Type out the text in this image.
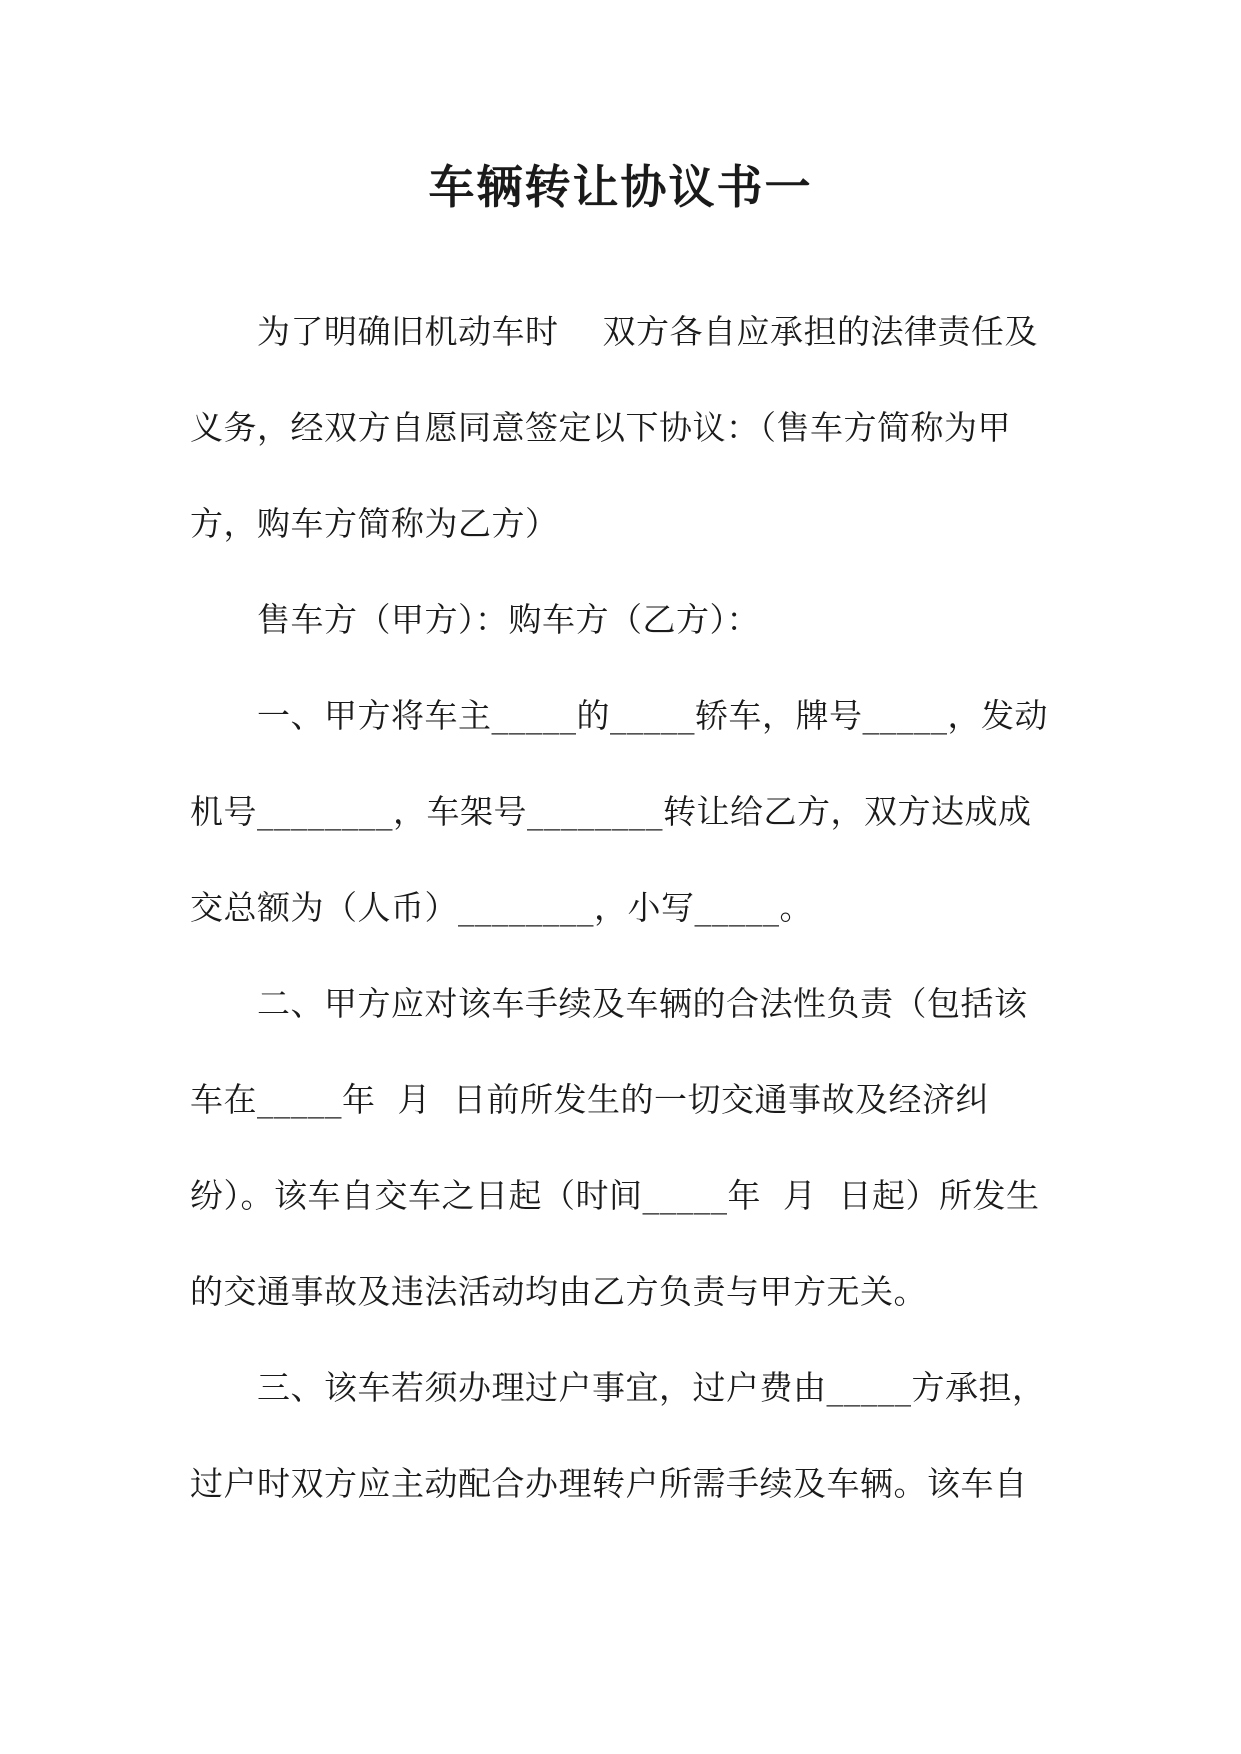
车辆转让协议书一
为了明确旧机动车时    双方各自应承担的法律责任及
义务，经双方自愿同意签定以下协议：（售车方简称为甲
方，购车方简称为乙方）
售车方（甲方）：购车方（乙方）：
一、甲方将车主_____的_____轿车，牌号_____，发动
机号________，车架号________转让给乙方，双方达成成
交总额为（人币）________，小写_____。
二、甲方应对该车手续及车辆的合法性负责（包括该
车在_____年  月  日前所发生的一切交通事故及经济纠
纷）。该车自交车之日起（时间_____年  月  日起）所发生
的交通事故及违法活动均由乙方负责与甲方无关。
三、该车若须办理过户事宜，过户费由_____方承担，
过户时双方应主动配合办理转户所需手续及车辆。该车自
